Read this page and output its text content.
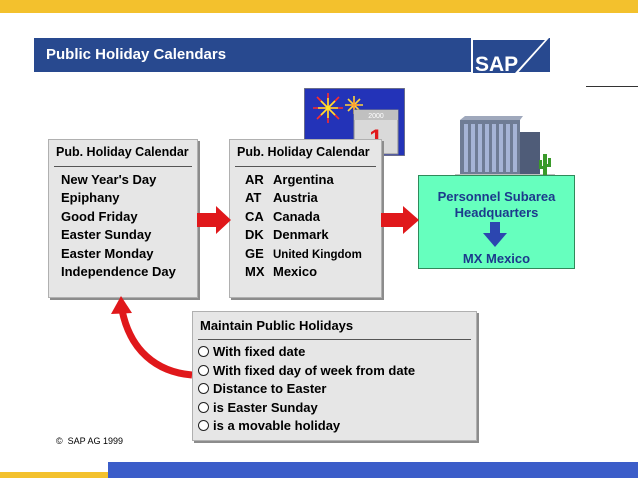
Public Holiday Calendars	SAP
2000
Pub. Holiday Calendar
New Year's Day
Epiphany
Good Friday
Easter Sunday
Easter Monday
Independence Day
Pub. Holiday Calendar
AR Argentina
AT Austria
CA Canada
DK Denmark
GE United Kingdom
MX Mexico
Personnel Subarea
Headquarters
MX Mexico
Maintain Public Holidays
With fixed date
With fixed day of week from date
Distance to Easter
is Easter Sunday
is a movable holiday
© SAP AG 1999
